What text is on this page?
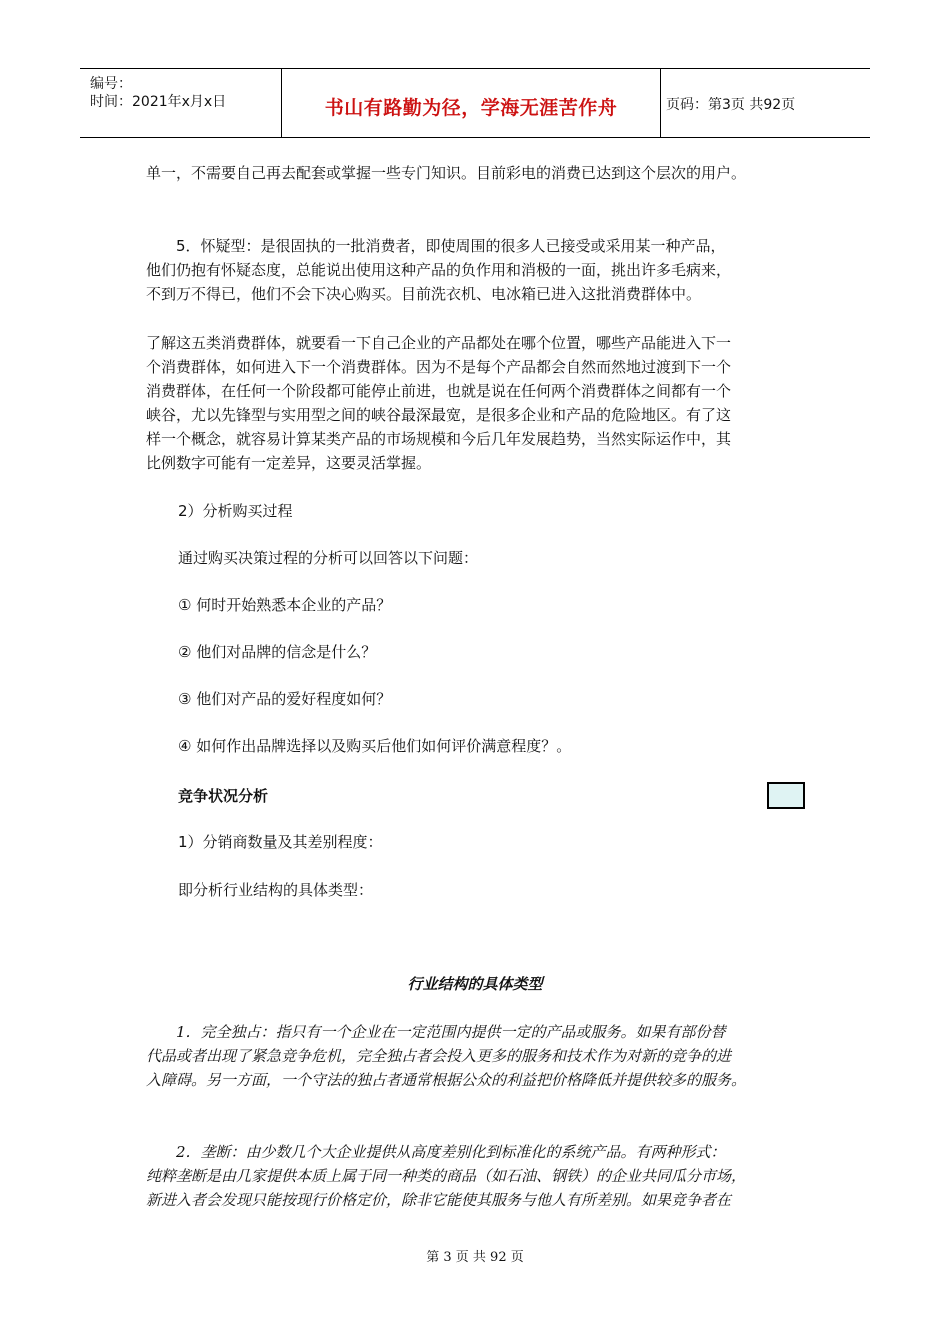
编号：
时间：2021年x月x日	书山有路勤为径，学海无涯苦作舟	页码：第3页 共92页
单一，不需要自己再去配套或掌握一些专门知识。目前彩电的消费已达到这个层次的用户。
5．怀疑型：是很固执的一批消费者，即使周围的很多人已接受或采用某一种产品，
他们仍抱有怀疑态度，总能说出使用这种产品的负作用和消极的一面，挑出许多毛病来，
不到万不得已，他们不会下决心购买。目前洗衣机、电冰箱已进入这批消费群体中。
了解这五类消费群体，就要看一下自己企业的产品都处在哪个位置，哪些产品能进入下一
个消费群体，如何进入下一个消费群体。因为不是每个产品都会自然而然地过渡到下一个
消费群体，在任何一个阶段都可能停止前进，也就是说在任何两个消费群体之间都有一个
峡谷，尤以先锋型与实用型之间的峡谷最深最宽，是很多企业和产品的危险地区。有了这
样一个概念，就容易计算某类产品的市场规模和今后几年发展趋势，当然实际运作中，其
比例数字可能有一定差异，这要灵活掌握。
2）分析购买过程
通过购买决策过程的分析可以回答以下问题：
① 何时开始熟悉本企业的产品？
② 他们对品牌的信念是什么？
③ 他们对产品的爱好程度如何？
④ 如何作出品牌选择以及购买后他们如何评价满意程度？。
竞争状况分析
1）分销商数量及其差别程度：
即分析行业结构的具体类型：
行业结构的具体类型
1．完全独占：指只有一个企业在一定范围内提供一定的产品或服务。如果有部份替
代品或者出现了紧急竞争危机，完全独占者会投入更多的服务和技术作为对新的竞争的进
入障碍。另一方面，一个守法的独占者通常根据公众的利益把价格降低并提供较多的服务。
2．垄断：由少数几个大企业提供从高度差别化到标准化的系统产品。有两种形式：
纯粹垄断是由几家提供本质上属于同一种类的商品（如石油、钢铁）的企业共同瓜分市场，
新进入者会发现只能按现行价格定价，除非它能使其服务与他人有所差别。如果竞争者在
第 3 页 共 92 页
